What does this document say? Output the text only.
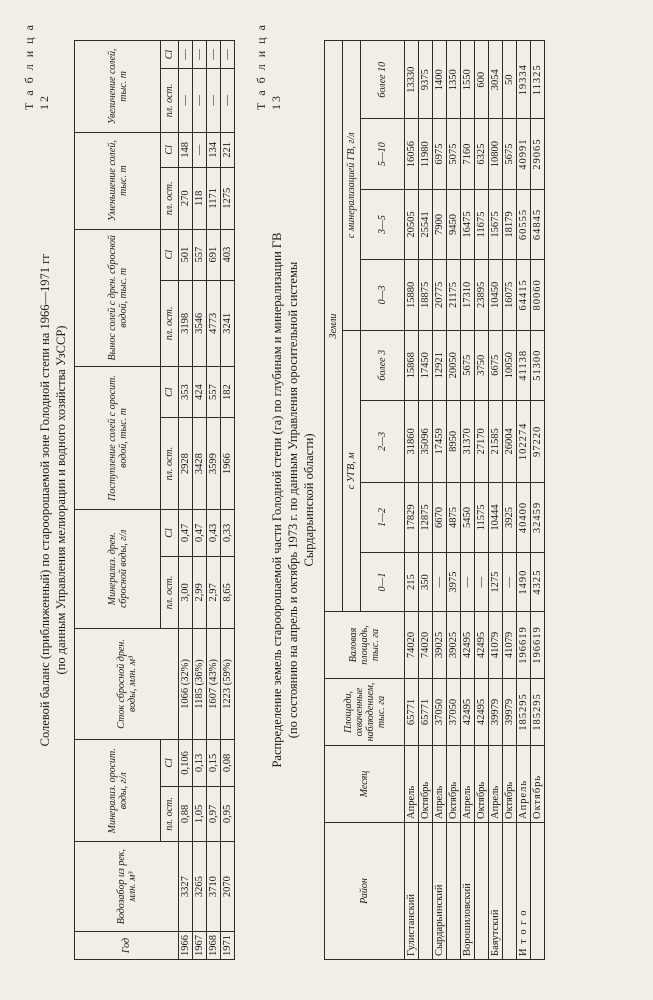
Т а б л и ц а 12
Солевой баланс (приближенный) по старoорошаемой зоне Голодной степи на 1966—1971 гг (по данным Управления мелиорации и водного хозяйства УзССР)
Год	Водозабор из рек, млн. м³	Минерализ. оросит. воды, г/л		Сток сбросной дрен. воды, млн. м³	Минерализ. дрен. сбросной воды, г/л		Поступление солей с оросит. водой, тыс. т		Вынос солей с дрен. сбросной водой, тыс. т		Уменьшение солей, тыс. т		Увеличение солей, тыс. т	
		пл. ост.	Cl		пл. ост.	Cl	пл. ост.	Cl	пл. ост.	Cl	пл. ост.	Cl	пл. ост.	Cl
1966	3327	0,88	0,106	1066 (32%)	3,00	0,47	2928	353	3198	501	270	148	—	—
1967	3265	1,05	0,13	1185 (36%)	2,99	0,47	3428	424	3546	557	118	—	—	—
1968	3710	0,97	0,15	1607 (43%)	2,97	0,43	3599	557	4773	691	1171	134	—	—
1971	2070	0,95	0,08	1223 (59%)	8,65	0,33	1966	182	3241	403	1275	221	—	— Т а б л и ц а 13
Распределение земель староорошаемой части Голодной степи (га) по глубинам и минерализации ГВ (по состоянию на апрель и октябрь 1973 г. по данным Управления оросительной системы Сырдарьинской области)
Район	Месяц	Площади, охваченные наблюдением, тыс. га	Валовая площадь, тыс. га	Земли							
				с УГВ, м				с минерализацией ГВ, г/л			
				0—1	1—2	2—3	более 3	0—3	3—5	5—10	более 10
Гулистанский	Апрель	65771	74020	215	17829	31860	15868	15880	20505	16056	13330
	Октябрь	65771	74020	350	12875	35096	17450	18875	25541	11980	9375
Сырдарьинский	Апрель	37050	39025	—	6670	17459	12921	20775	7900	6975	1400
	Октябрь	37050	39025	3975	4875	8950	20050	21175	9450	5075	1350
Ворошиловский	Апрель	42495	42495	—	5450	31370	5675	17310	16475	7160	1550
	Октябрь	42495	42495	—	11575	27170	3750	23895	11675	6325	600
Баяутский	Апрель	39979	41079	1275	10444	21585	6675	10450	15675	10800	3054
	Октябрь	39979	41079	—	3925	26004	10050	16075	18179	5675	50
И т о г о	Апрель	185295	196619	1490	40400	102274	41138	64415	60555	40991	19334
	Октябрь	185295	196619	4325	32459	97220	51300	80060	64845	29065	11325
